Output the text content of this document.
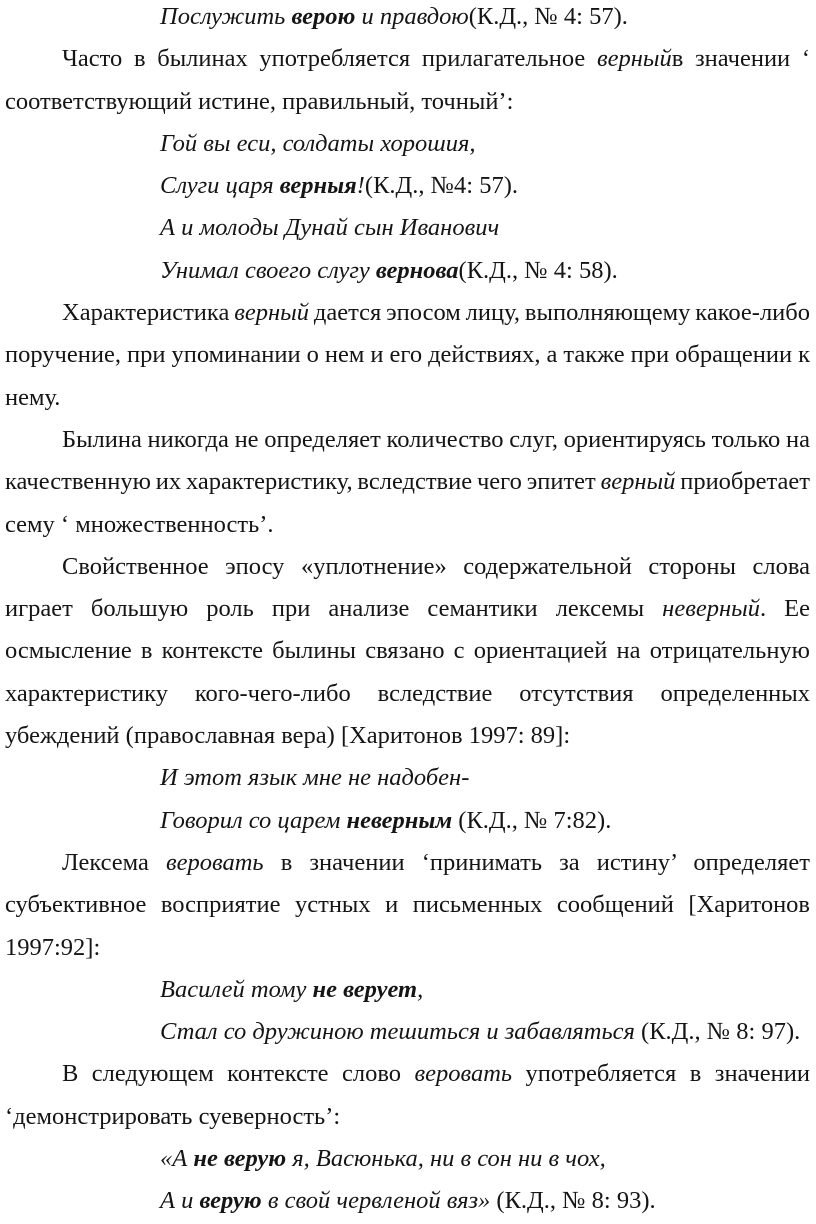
Послужить верою и правдою(К.Д., № 4: 57).
Часто в былинах употребляется прилагательное верныйв значении ‘
соответствующий истине, правильный, точный’:
Гой вы еси, солдаты хорошия,
Слуги царя верныя!(К.Д., №4: 57).
А и молоды Дунай сын Иванович
Унимал своего слугу вернова(К.Д., № 4: 58).
Характеристика верный дается эпосом лицу, выполняющему какое-либо
поручение, при упоминании о нем и его действиях, а также при обращении к
нему.
Былина никогда не определяет количество слуг, ориентируясь только на
качественную их характеристику, вследствие чего эпитет верный приобретает
сему ‘ множественность’.
Свойственное эпосу «уплотнение» содержательной стороны слова
играет большую роль при анализе семантики лексемы неверный. Ее
осмысление в контексте былины связано с ориентацией на отрицательную
характеристику кого-чего-либо вследствие отсутствия определенных
убеждений (православная вера) [Харитонов 1997: 89]:
И этот язык мне не надобен-
Говорил со царем неверным (К.Д., № 7:82).
Лексема веровать в значении ‘принимать за истину’ определяет
субъективное восприятие устных и письменных сообщений [Харитонов
1997:92]:
Василей тому не верует,
Стал со дружиною тешиться и забавляться (К.Д., № 8: 97).
В следующем контексте слово веровать употребляется в значении
‘демонстрировать суеверность’:
«А не верую я, Васюнька, ни в сон ни в чох,
А и верую в свой червленой вяз» (К.Д., № 8: 93).
